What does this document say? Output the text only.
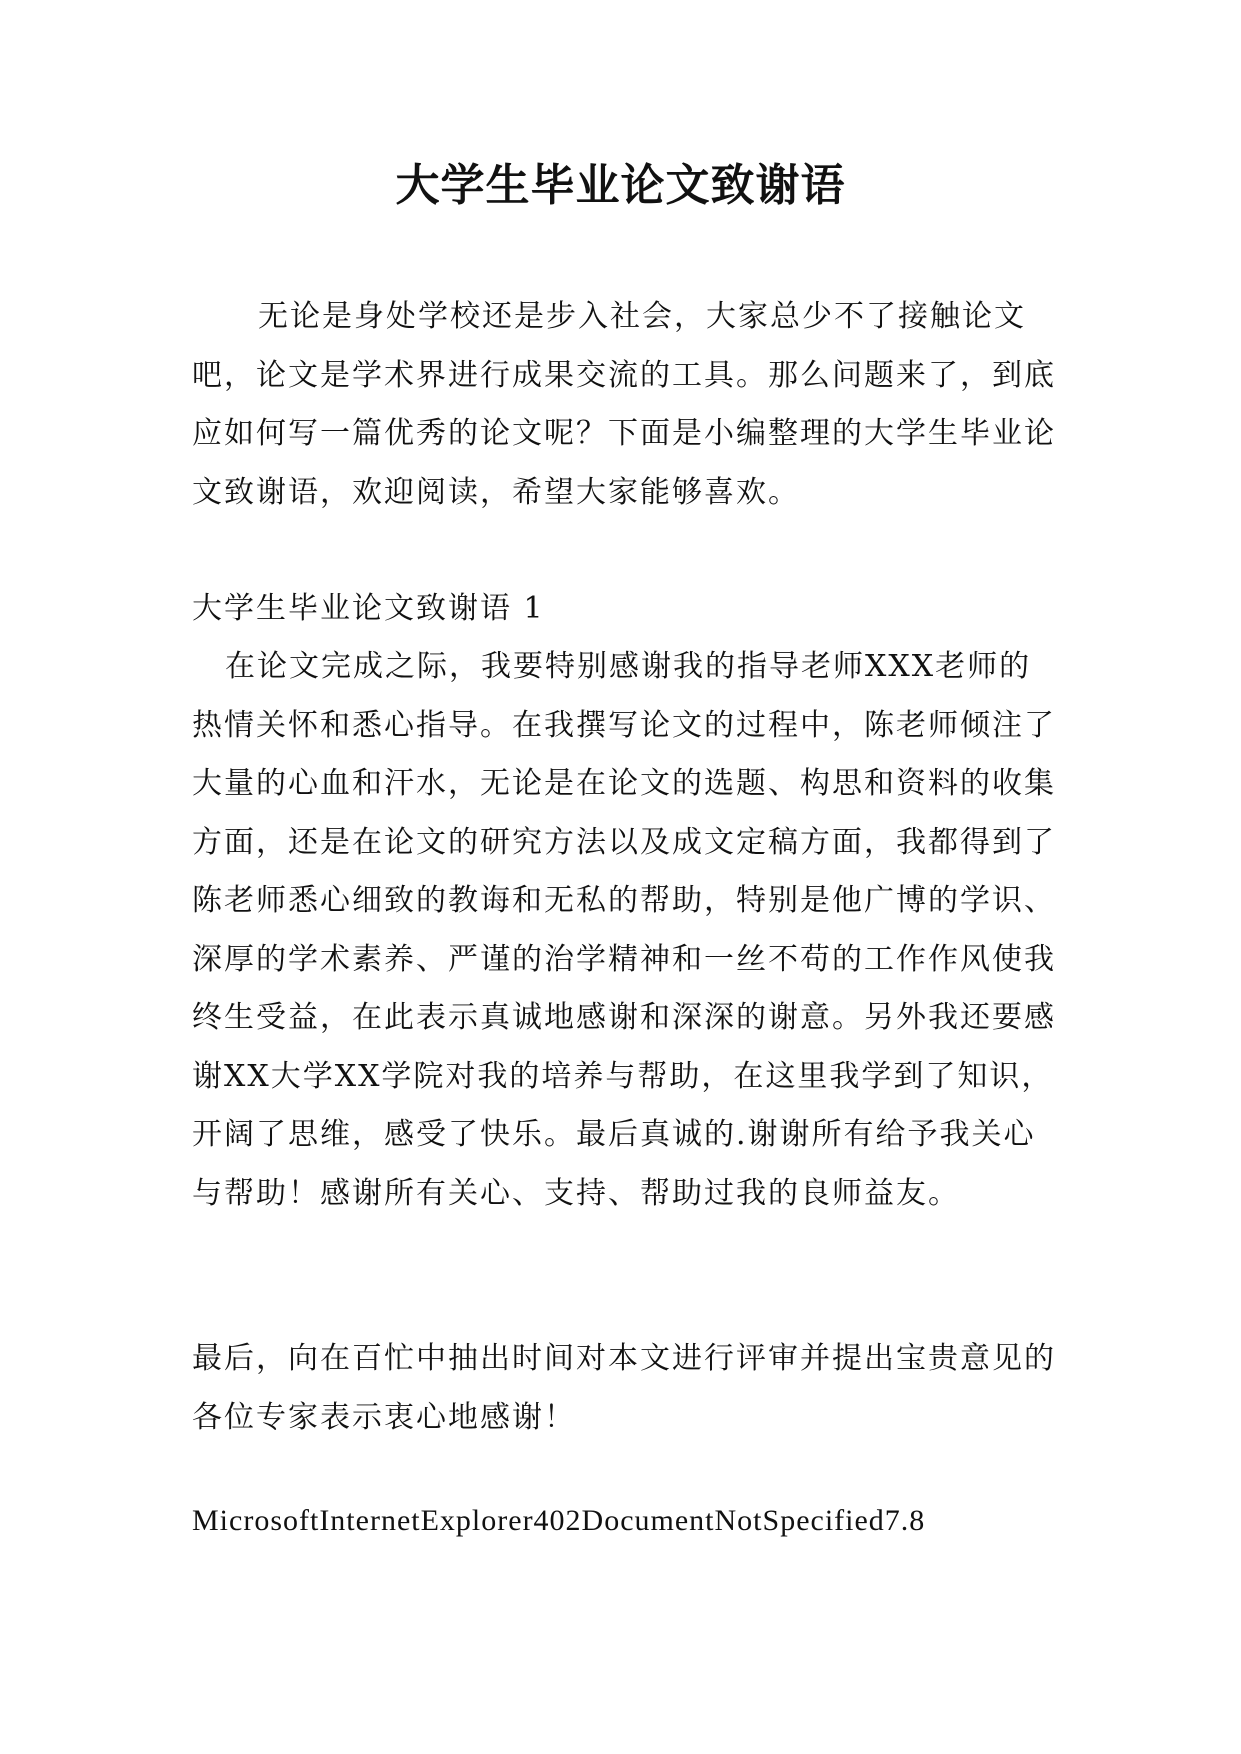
大学生毕业论文致谢语
无论是身处学校还是步入社会，大家总少不了接触论文吧，论文是学术界进行成果交流的工具。那么问题来了，到底应如何写一篇优秀的论文呢？下面是小编整理的大学生毕业论文致谢语，欢迎阅读，希望大家能够喜欢。
大学生毕业论文致谢语 1
在论文完成之际，我要特别感谢我的指导老师XXX老师的热情关怀和悉心指导。在我撰写论文的过程中，陈老师倾注了大量的心血和汗水，无论是在论文的选题、构思和资料的收集方面，还是在论文的研究方法以及成文定稿方面，我都得到了陈老师悉心细致的教诲和无私的帮助，特别是他广博的学识、深厚的学术素养、严谨的治学精神和一丝不苟的工作作风使我终生受益，在此表示真诚地感谢和深深的谢意。另外我还要感谢XX大学XX学院对我的培养与帮助，在这里我学到了知识，开阔了思维，感受了快乐。最后真诚的.谢谢所有给予我关心与帮助！感谢所有关心、支持、帮助过我的良师益友。
最后，向在百忙中抽出时间对本文进行评审并提出宝贵意见的各位专家表示衷心地感谢！
MicrosoftInternetExplorer402DocumentNotSpecified7.8
